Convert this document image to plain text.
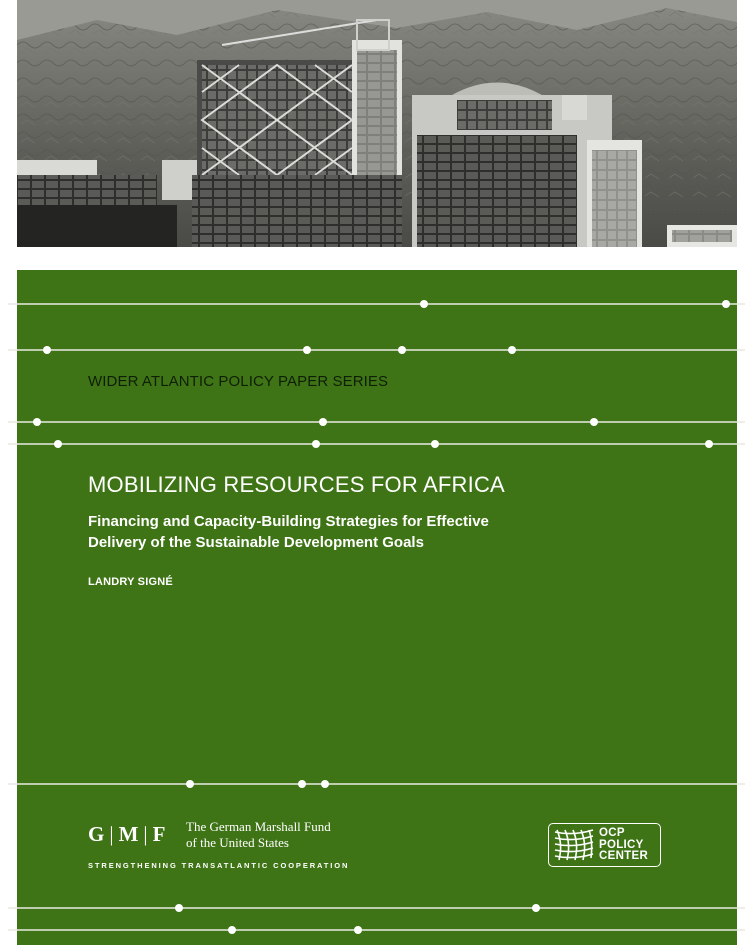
WIDER ATLANTIC POLICY PAPER SERIES
MOBILIZING RESOURCES FOR AFRICA
Financing and Capacity-Building Strategies for Effective Delivery of the Sustainable Development Goals

LANDRY SIGNÉ

G | M | F The German Marshall Fund
of the United States
STRENGTHENING TRANSATLANTIC COOPERATION
OCP
POLICY
CENTER
